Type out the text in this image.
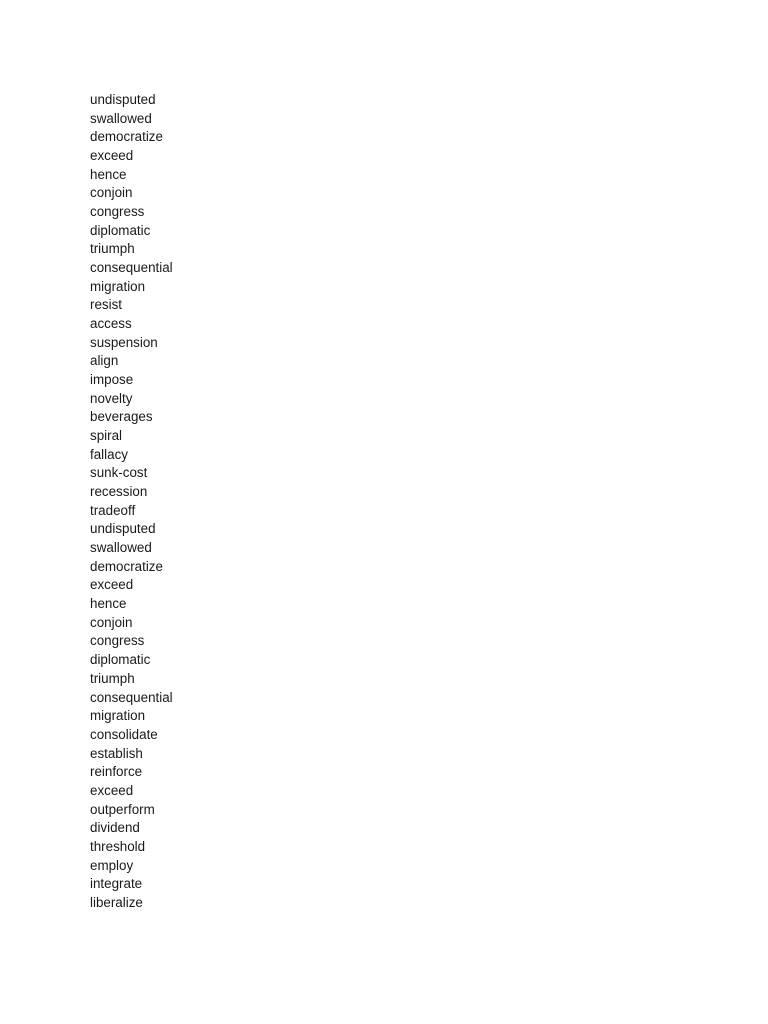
undisputed
swallowed
democratize
exceed
hence
conjoin
congress
diplomatic
triumph
consequential
migration
resist
access
suspension
align
impose
novelty
beverages
spiral
fallacy
sunk-cost
recession
tradeoff
undisputed
swallowed
democratize
exceed
hence
conjoin
congress
diplomatic
triumph
consequential
migration
consolidate
establish
reinforce
exceed
outperform
dividend
threshold
employ
integrate
liberalize
